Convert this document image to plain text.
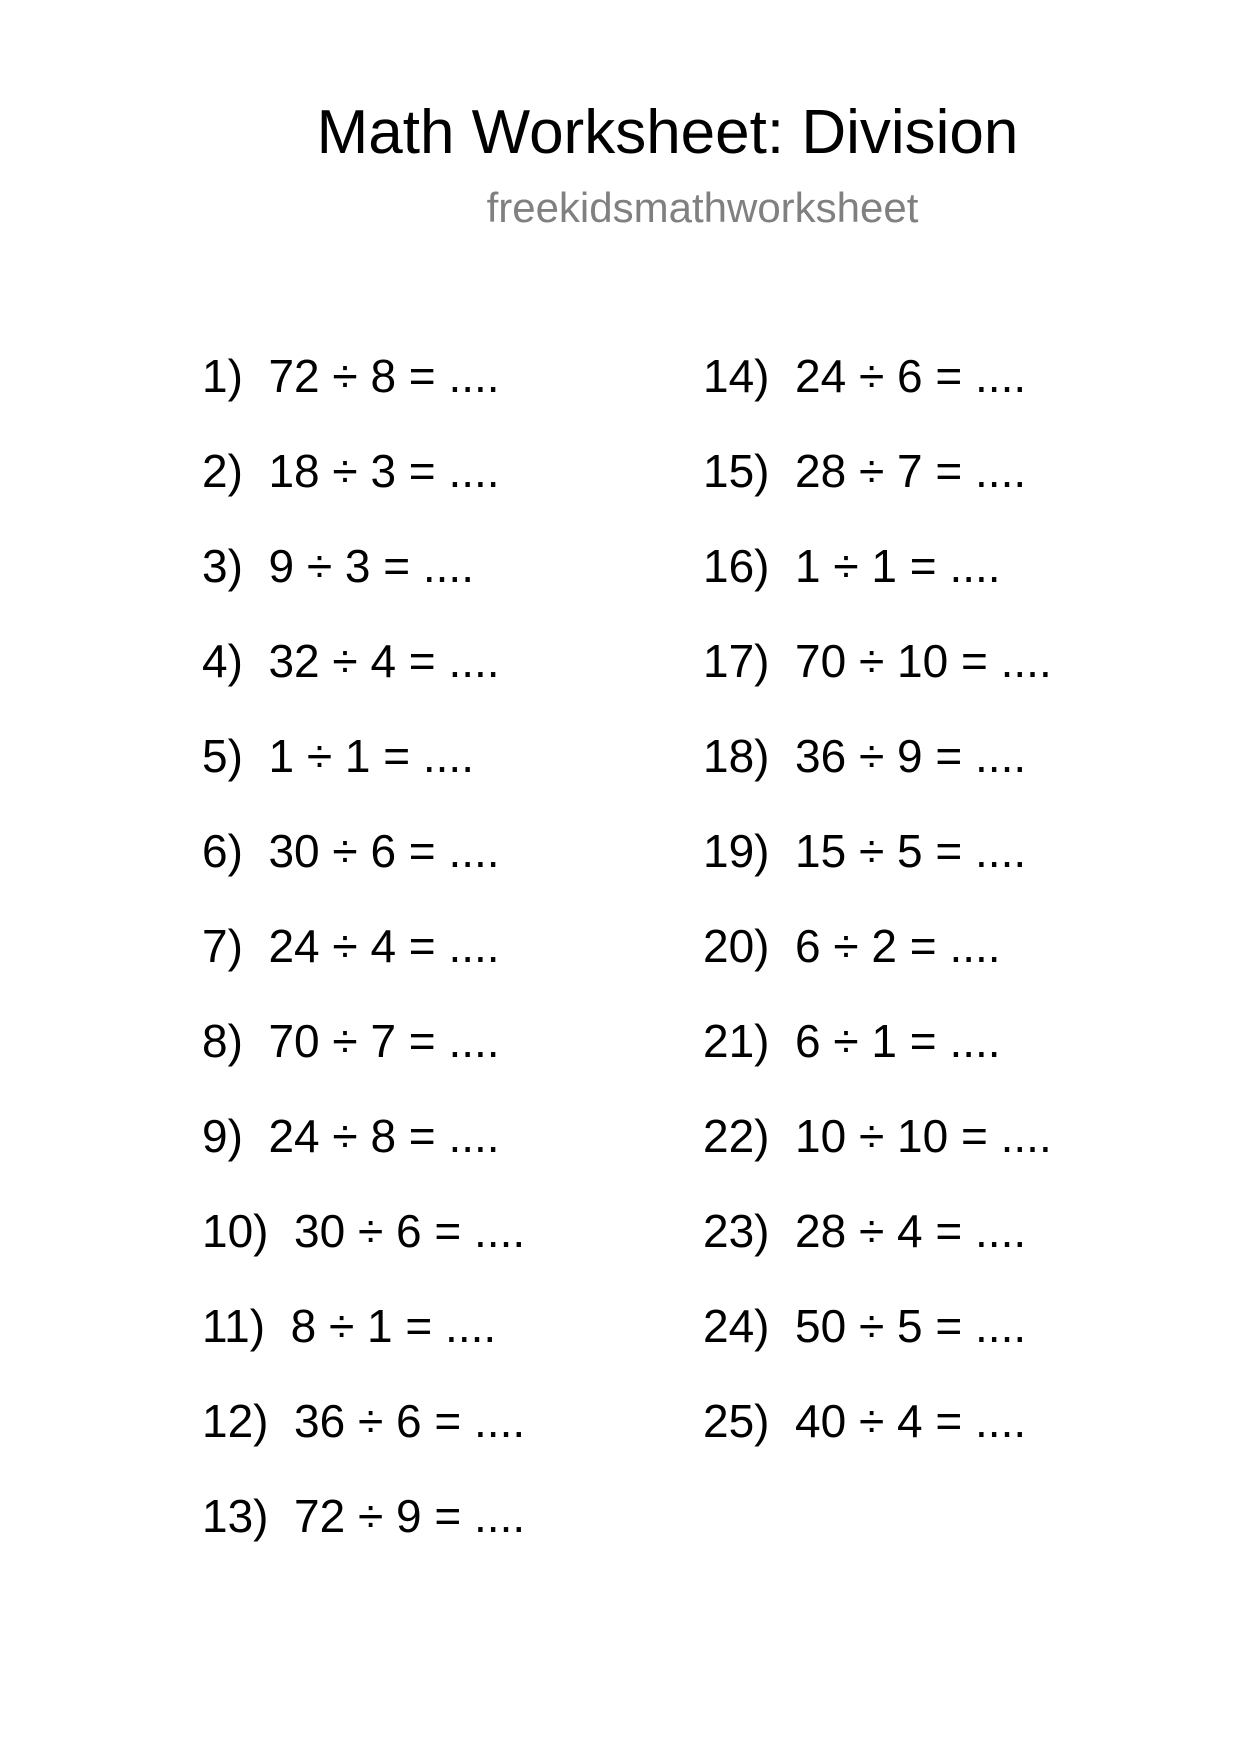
Math Worksheet: Division
freekidsmathworksheet
1) 72 ÷ 8 = ....
2) 18 ÷ 3 = ....
3) 9 ÷ 3 = ....
4) 32 ÷ 4 = ....
5) 1 ÷ 1 = ....
6) 30 ÷ 6 = ....
7) 24 ÷ 4 = ....
8) 70 ÷ 7 = ....
9) 24 ÷ 8 = ....
10) 30 ÷ 6 = ....
11) 8 ÷ 1 = ....
12) 36 ÷ 6 = ....
13) 72 ÷ 9 = ....
14) 24 ÷ 6 = ....
15) 28 ÷ 7 = ....
16) 1 ÷ 1 = ....
17) 70 ÷ 10 = ....
18) 36 ÷ 9 = ....
19) 15 ÷ 5 = ....
20) 6 ÷ 2 = ....
21) 6 ÷ 1 = ....
22) 10 ÷ 10 = ....
23) 28 ÷ 4 = ....
24) 50 ÷ 5 = ....
25) 40 ÷ 4 = ....
